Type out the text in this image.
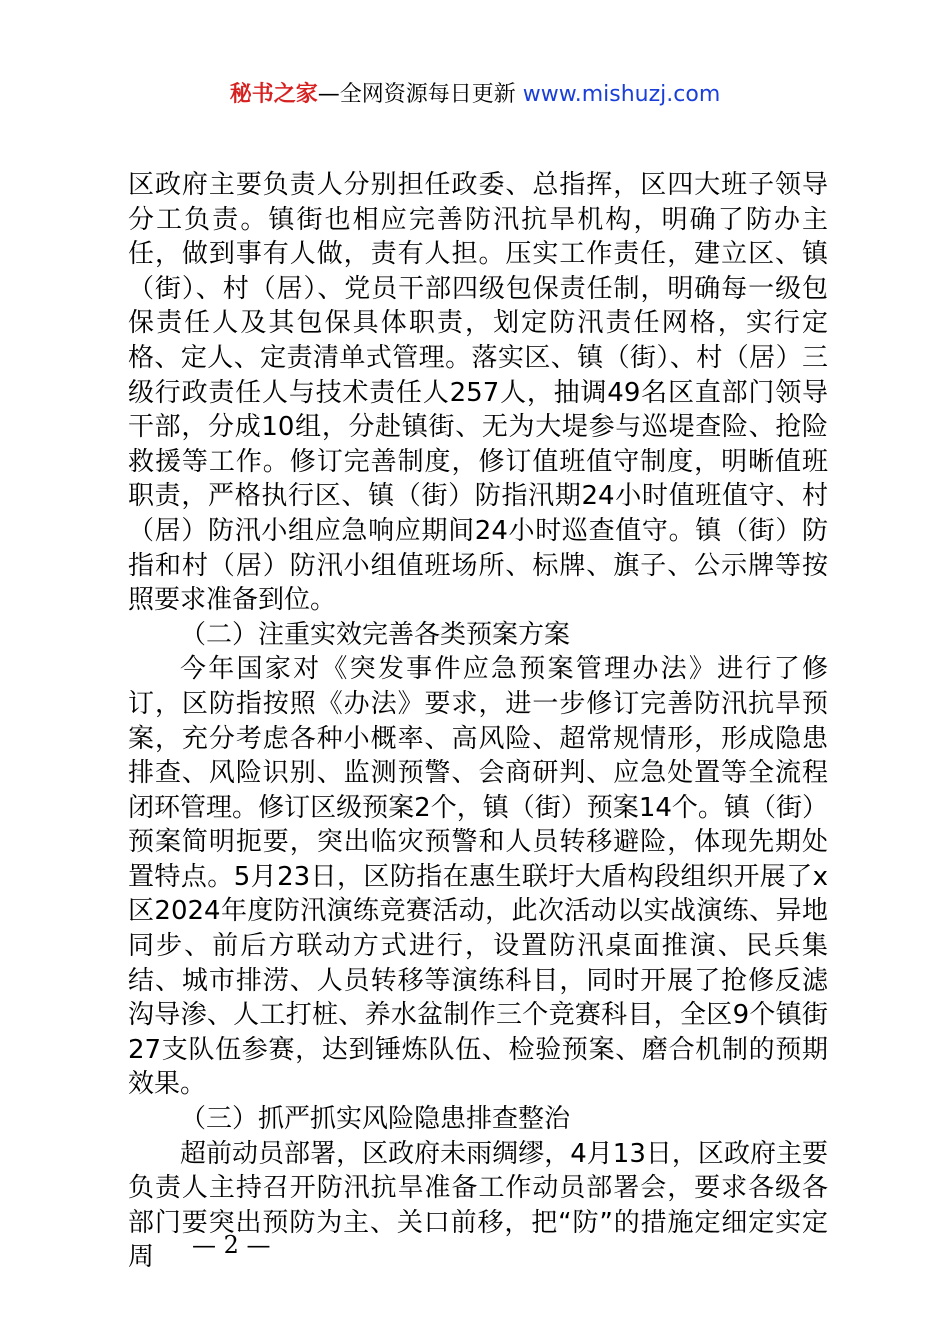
秘书之家—全网资源每日更新 www.mishuzj.com

区政府主要负责人分别担任政委、总指挥，区四大班子领导分工负责。镇街也相应完善防汛抗旱机构，明确了防办主任，做到事有人做，责有人担。压实工作责任，建立区、镇（街）、村（居）、党员干部四级包保责任制，明确每一级包保责任人及其包保具体职责，划定防汛责任网格，实行定格、定人、定责清单式管理。落实区、镇（街）、村（居）三级行政责任人与技术责任人257人，抽调49名区直部门领导干部，分成10组，分赴镇街、无为大堤参与巡堤查险、抢险救援等工作。修订完善制度，修订值班值守制度，明晰值班职责，严格执行区、镇（街）防指汛期24小时值班值守、村（居）防汛小组应急响应期间24小时巡查值守。镇（街）防指和村（居）防汛小组值班场所、标牌、旗子、公示牌等按照要求准备到位。

（二）注重实效完善各类预案方案

今年国家对《突发事件应急预案管理办法》进行了修订，区防指按照《办法》要求，进一步修订完善防汛抗旱预案，充分考虑各种小概率、高风险、超常规情形，形成隐患排查、风险识别、监测预警、会商研判、应急处置等全流程闭环管理。修订区级预案2个，镇（街）预案14个。镇（街）预案简明扼要，突出临灾预警和人员转移避险，体现先期处置特点。5月23日，区防指在惠生联圩大盾构段组织开展了x区2024年度防汛演练竞赛活动，此次活动以实战演练、异地同步、前后方联动方式进行，设置防汛桌面推演、民兵集结、城市排涝、人员转移等演练科目，同时开展了抢修反滤沟导渗、人工打桩、养水盆制作三个竞赛科目，全区9个镇街27支队伍参赛，达到锤炼队伍、检验预案、磨合机制的预期效果。

（三）抓严抓实风险隐患排查整治

超前动员部署，区政府未雨绸缪，4月13日，区政府主要负责人主持召开防汛抗旱准备工作动员部署会，要求各级各部门要突出预防为主、关口前移，把“防”的措施定细定实定周	— 2 —
